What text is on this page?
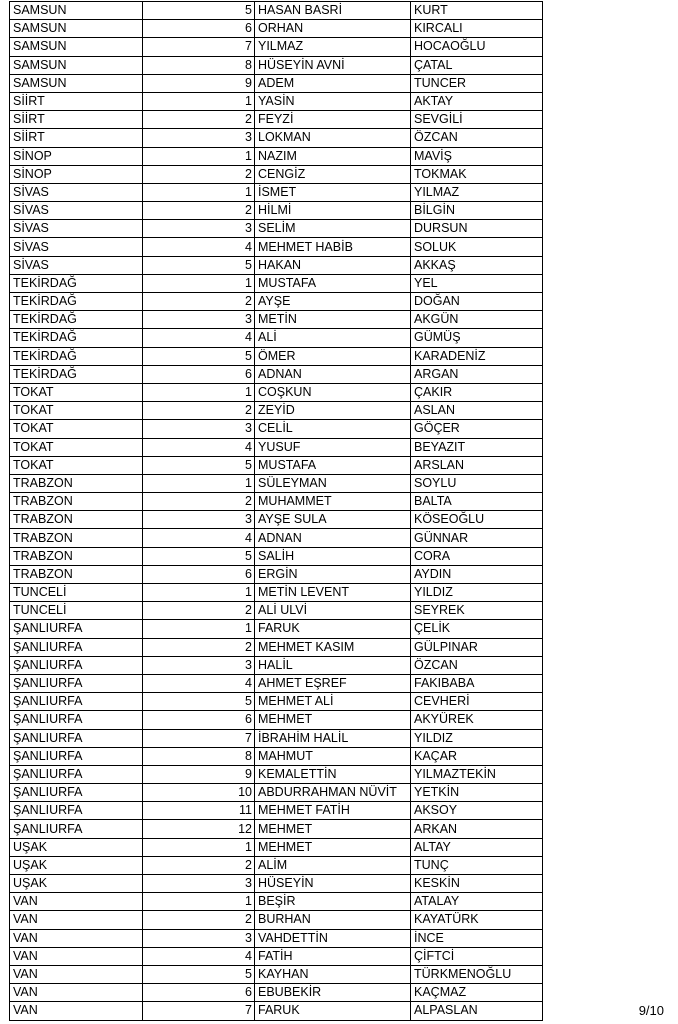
SAMSUN	5	HASAN BASRİ	KURT
SAMSUN	6	ORHAN	KIRCALI
SAMSUN	7	YILMAZ	HOCAOĞLU
SAMSUN	8	HÜSEYİN AVNİ	ÇATAL
SAMSUN	9	ADEM	TUNCER
SİİRT	1	YASİN	AKTAY
SİİRT	2	FEYZİ	SEVGİLİ
SİİRT	3	LOKMAN	ÖZCAN
SİNOP	1	NAZIM	MAVİŞ
SİNOP	2	CENGİZ	TOKMAK
SİVAS	1	İSMET	YILMAZ
SİVAS	2	HİLMİ	BİLGİN
SİVAS	3	SELİM	DURSUN
SİVAS	4	MEHMET HABİB	SOLUK
SİVAS	5	HAKAN	AKKAŞ
TEKİRDAĞ	1	MUSTAFA	YEL
TEKİRDAĞ	2	AYŞE	DOĞAN
TEKİRDAĞ	3	METİN	AKGÜN
TEKİRDAĞ	4	ALİ	GÜMÜŞ
TEKİRDAĞ	5	ÖMER	KARADENİZ
TEKİRDAĞ	6	ADNAN	ARGAN
TOKAT	1	COŞKUN	ÇAKIR
TOKAT	2	ZEYİD	ASLAN
TOKAT	3	CELİL	GÖÇER
TOKAT	4	YUSUF	BEYAZIT
TOKAT	5	MUSTAFA	ARSLAN
TRABZON	1	SÜLEYMAN	SOYLU
TRABZON	2	MUHAMMET	BALTA
TRABZON	3	AYŞE SULA	KÖSEOĞLU
TRABZON	4	ADNAN	GÜNNAR
TRABZON	5	SALİH	CORA
TRABZON	6	ERGİN	AYDIN
TUNCELİ	1	METİN LEVENT	YILDIZ
TUNCELİ	2	ALİ ULVİ	SEYREK
ŞANLIURFA	1	FARUK	ÇELİK
ŞANLIURFA	2	MEHMET KASIM	GÜLPINAR
ŞANLIURFA	3	HALİL	ÖZCAN
ŞANLIURFA	4	AHMET EŞREF	FAKIBABA
ŞANLIURFA	5	MEHMET ALİ	CEVHERİ
ŞANLIURFA	6	MEHMET	AKYÜREK
ŞANLIURFA	7	İBRAHİM HALİL	YILDIZ
ŞANLIURFA	8	MAHMUT	KAÇAR
ŞANLIURFA	9	KEMALETTİN	YILMAZTEKİN
ŞANLIURFA	10	ABDURRAHMAN NÜVİT	YETKİN
ŞANLIURFA	11	MEHMET FATİH	AKSOY
ŞANLIURFA	12	MEHMET	ARKAN
UŞAK	1	MEHMET	ALTAY
UŞAK	2	ALİM	TUNÇ
UŞAK	3	HÜSEYİN	KESKİN
VAN	1	BEŞİR	ATALAY
VAN	2	BURHAN	KAYATÜRK
VAN	3	VAHDETTİN	İNCE
VAN	4	FATİH	ÇİFTCİ
VAN	5	KAYHAN	TÜRKMENOĞLU
VAN	6	EBUBEKİR	KAÇMAZ
VAN	7	FARUK	ALPASLAN	9/10
